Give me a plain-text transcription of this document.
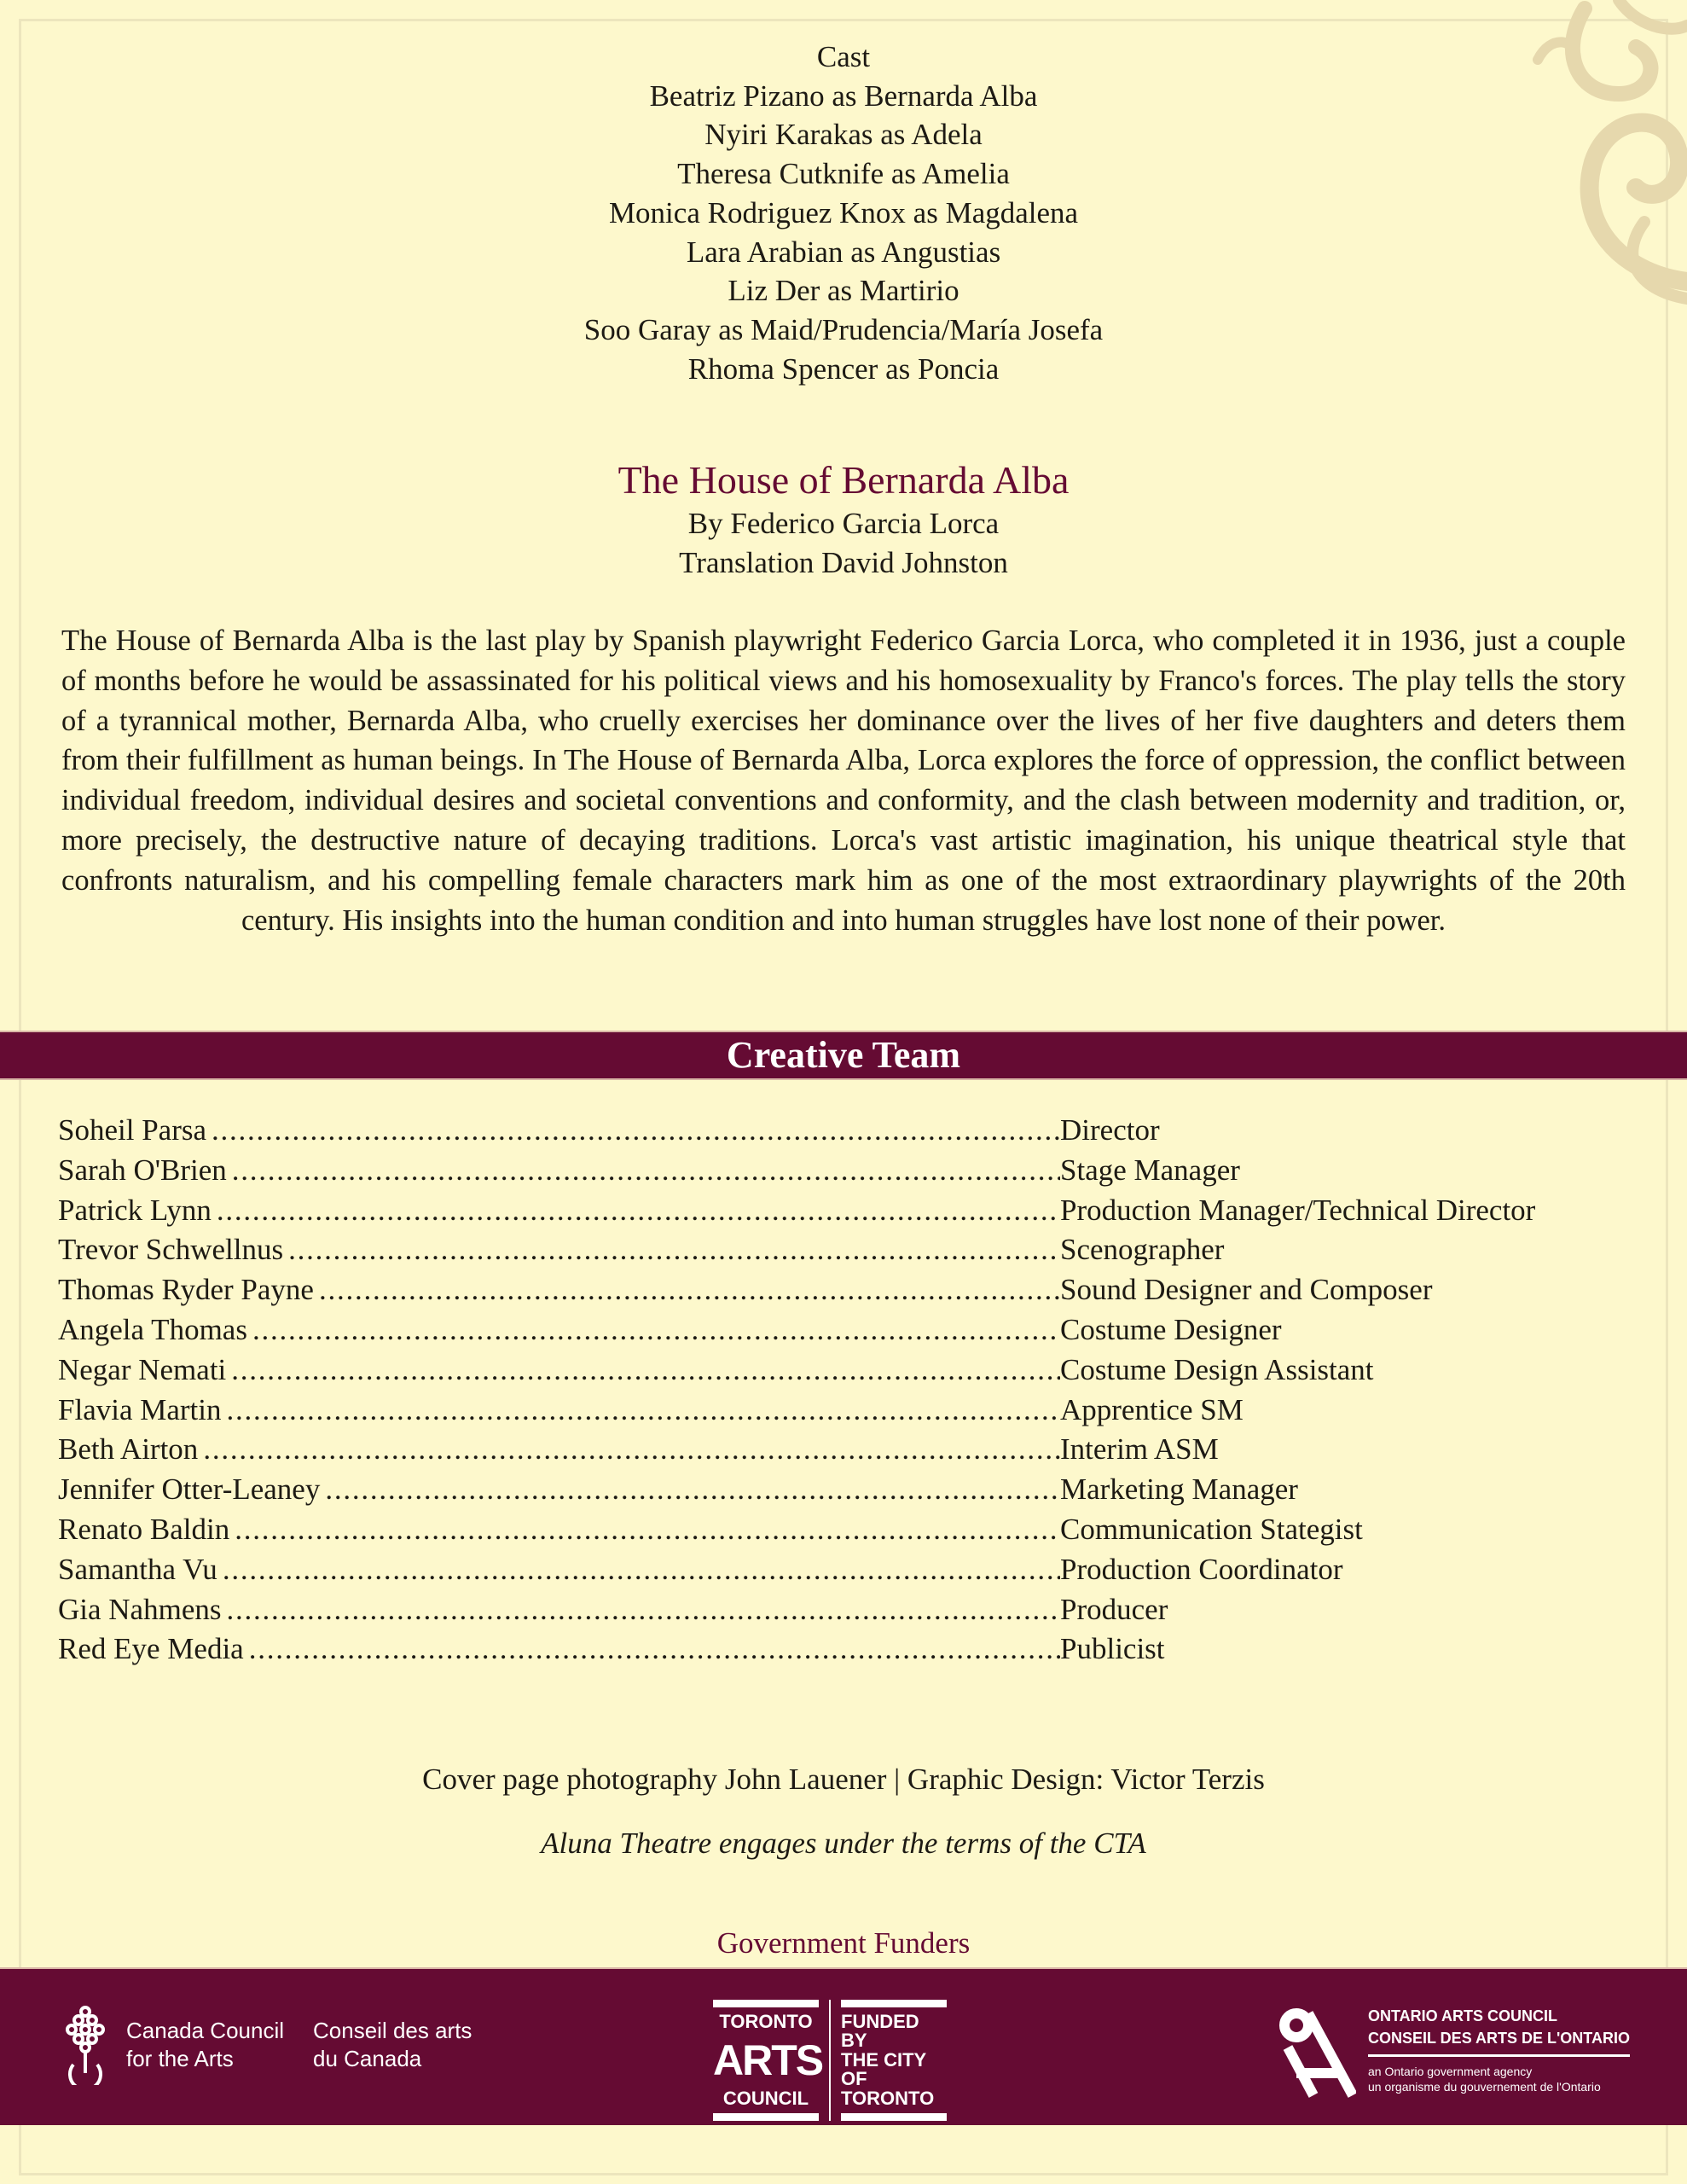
Cast
Beatriz Pizano as Bernarda Alba
Nyiri Karakas as Adela
Theresa Cutknife as Amelia
Monica Rodriguez Knox as Magdalena
Lara Arabian as Angustias
Liz Der as Martirio
Soo Garay as Maid/Prudencia/María Josefa
Rhoma Spencer as Poncia
The House of Bernarda Alba
By Federico Garcia Lorca
Translation David Johnston
The House of Bernarda Alba is the last play by Spanish playwright Federico Garcia Lorca, who completed it in 1936, just a couple of months before he would be assassinated for his political views and his homosexuality by Franco's forces. The play tells the story of a tyrannical mother, Bernarda Alba, who cruelly exercises her dominance over the lives of her five daughters and deters them from their fulfillment as human beings. In The House of Bernarda Alba, Lorca explores the force of oppression, the conflict between individual freedom, individual desires and societal conventions and conformity, and the clash between modernity and tradition, or, more precisely, the destructive nature of decaying traditions. Lorca's vast artistic imagination, his unique theatrical style that confronts naturalism, and his compelling female characters mark him as one of the most extraordinary playwrights of the 20th century. His insights into the human condition and into human struggles have lost none of their power.
Creative Team
Soheil Parsa . . .	Director
Sarah O'Brien . . .	Stage Manager
Patrick Lynn . . .	Production Manager/Technical Director
Trevor Schwellnus . . .	Scenographer
Thomas Ryder Payne . . .	Sound Designer and Composer
Angela Thomas . . .	Costume Designer
Negar Nemati . . .	Costume Design Assistant
Flavia Martin . . .	Apprentice SM
Beth Airton . . .	Interim ASM
Jennifer Otter-Leaney . . .	Marketing Manager
Renato Baldin . . .	Communication Stategist
Samantha Vu . . .	Production Coordinator
Gia Nahmens . . .	Producer
Red Eye Media . . .	Publicist
Cover page photography John Lauener | Graphic Design: Victor Terzis
Aluna Theatre engages under the terms of the CTA
Government Funders
Canada Council
for the Arts
Conseil des arts
du Canada
TORONTO
ARTS
COUNCIL
FUNDED BY
THE CITY OF
TORONTO
ONTARIO ARTS COUNCIL
CONSEIL DES ARTS DE L'ONTARIO
an Ontario government agency
un organisme du gouvernement de l'Ontario
